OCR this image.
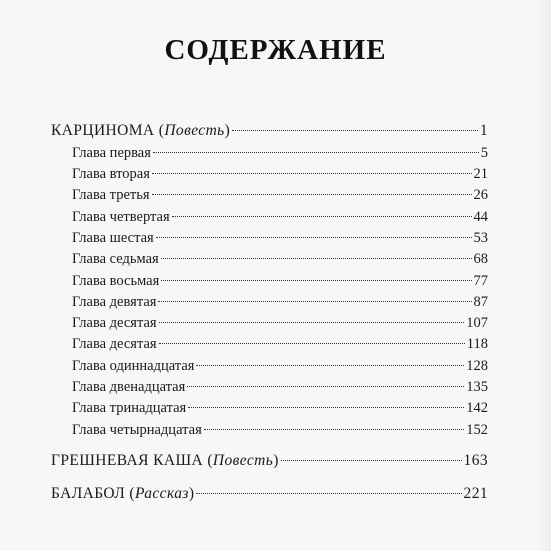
СОДЕРЖАНИЕ
КАРЦИНОМА (Повесть)	1
Глава первая	5
Глава вторая	21
Глава третья	26
Глава четвертая	44
Глава шестая	53
Глава седьмая	68
Глава восьмая	77
Глава девятая	87
Глава десятая	107
Глава десятая	118
Глава одиннадцатая	128
Глава двенадцатая	135
Глава тринадцатая	142
Глава четырнадцатая	152
ГРЕШНЕВАЯ КАША (Повесть)	163
БАЛАБОЛ (Рассказ)	221
